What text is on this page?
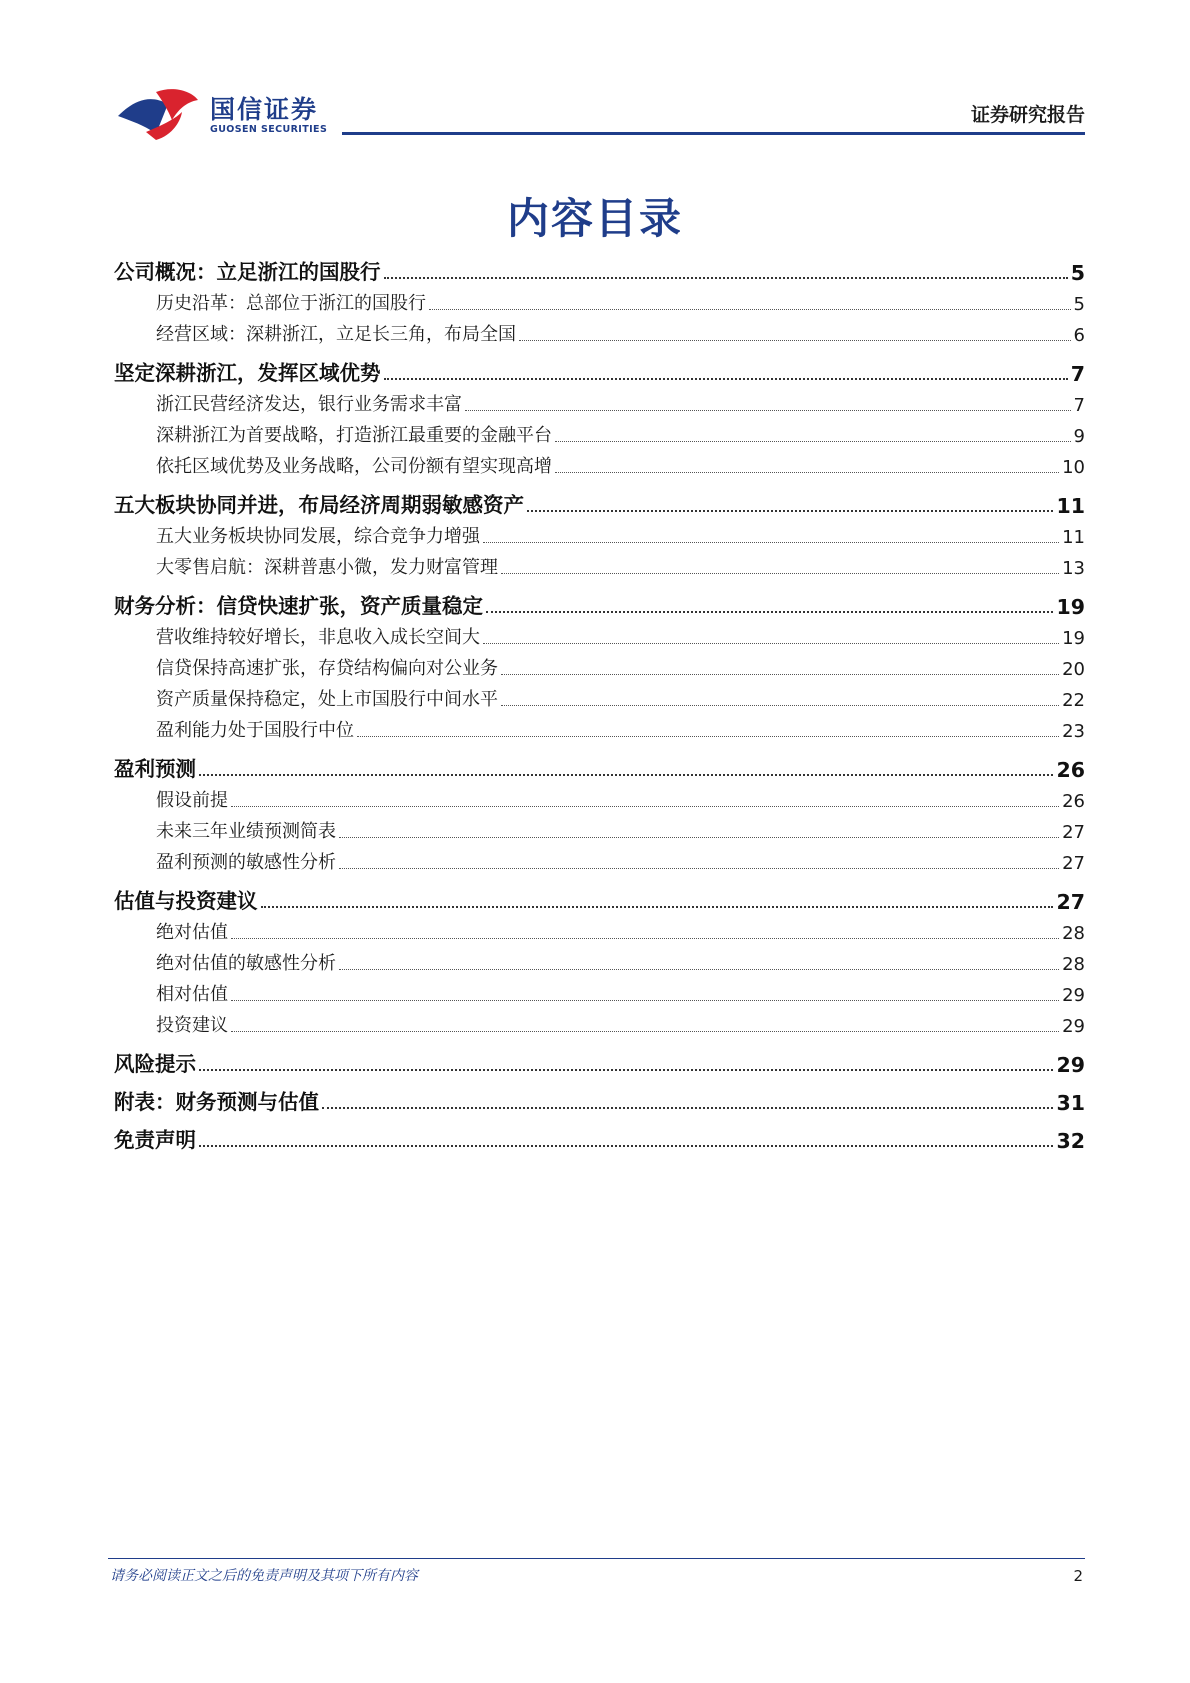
国信证券
GUOSEN SECURITIES
证券研究报告
内容目录
公司概况：立足浙江的国股行	5
历史沿革：总部位于浙江的国股行	5
经营区域：深耕浙江，立足长三角，布局全国	6
坚定深耕浙江，发挥区域优势	7
浙江民营经济发达，银行业务需求丰富	7
深耕浙江为首要战略，打造浙江最重要的金融平台	9
依托区域优势及业务战略，公司份额有望实现高增	10
五大板块协同并进，布局经济周期弱敏感资产	11
五大业务板块协同发展，综合竞争力增强	11
大零售启航：深耕普惠小微，发力财富管理	13
财务分析：信贷快速扩张，资产质量稳定	19
营收维持较好增长，非息收入成长空间大	19
信贷保持高速扩张，存贷结构偏向对公业务	20
资产质量保持稳定，处上市国股行中间水平	22
盈利能力处于国股行中位	23
盈利预测	26
假设前提	26
未来三年业绩预测简表	27
盈利预测的敏感性分析	27
估值与投资建议	27
绝对估值	28
绝对估值的敏感性分析	28
相对估值	29
投资建议	29
风险提示	29
附表：财务预测与估值	31
免责声明	32
请务必阅读正文之后的免责声明及其项下所有内容	2
